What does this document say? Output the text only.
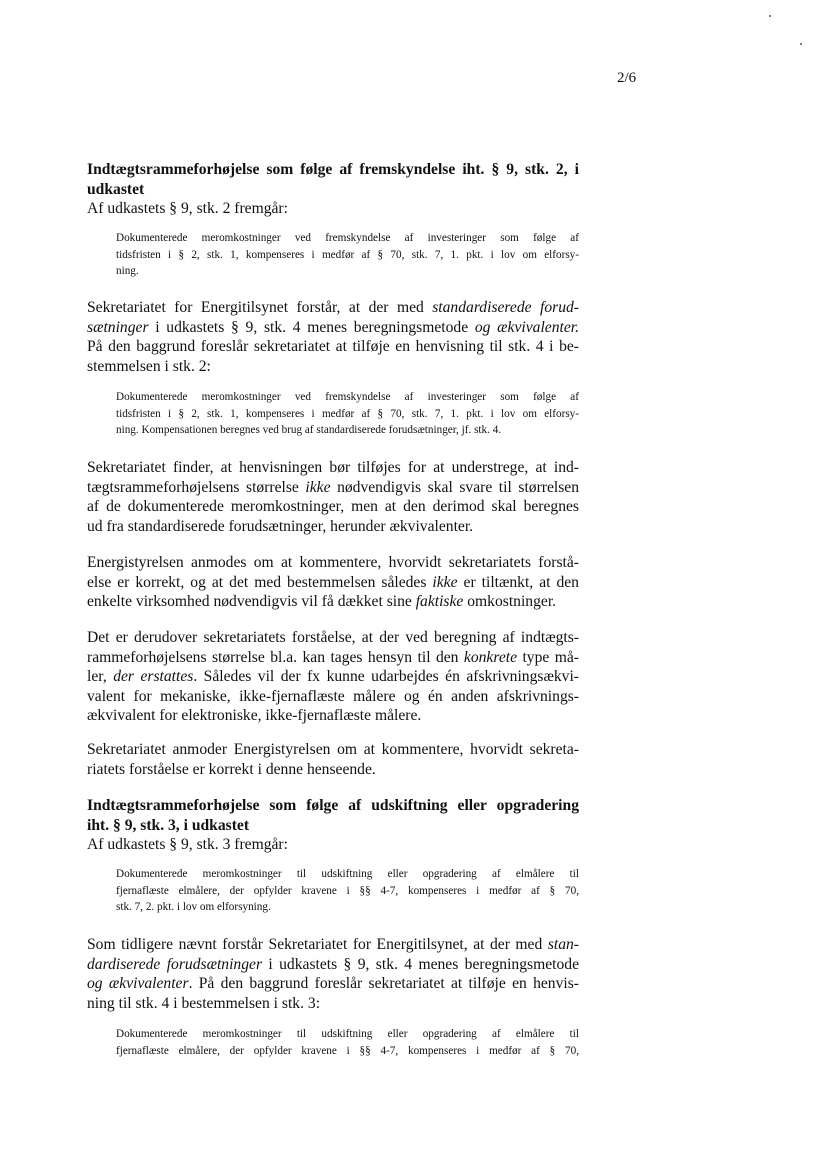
2/6
Indtægtsrammeforhøjelse som følge af fremskyndelse iht. § 9, stk. 2, i
udkastet
Af udkastets § 9, stk. 2 fremgår:
Dokumenterede meromkostninger ved fremskyndelse af investeringer som følge af
tidsfristen i § 2, stk. 1, kompenseres i medfør af § 70, stk. 7, 1. pkt. i lov om elforsy-
ning.
Sekretariatet for Energitilsynet forstår, at der med standardiserede forud-
sætninger i udkastets § 9, stk. 4 menes beregningsmetode og ækvivalenter.
På den baggrund foreslår sekretariatet at tilføje en henvisning til stk. 4 i be-
stemmelsen i stk. 2:
Dokumenterede meromkostninger ved fremskyndelse af investeringer som følge af
tidsfristen i § 2, stk. 1, kompenseres i medfør af § 70, stk. 7, 1. pkt. i lov om elforsy-
ning. Kompensationen beregnes ved brug af standardiserede forudsætninger, jf. stk. 4.
Sekretariatet finder, at henvisningen bør tilføjes for at understrege, at ind-
tægtsrammeforhøjelsens størrelse ikke nødvendigvis skal svare til størrelsen
af de dokumenterede meromkostninger, men at den derimod skal beregnes
ud fra standardiserede forudsætninger, herunder ækvivalenter.
Energistyrelsen anmodes om at kommentere, hvorvidt sekretariatets forstå-
else er korrekt, og at det med bestemmelsen således ikke er tiltænkt, at den
enkelte virksomhed nødvendigvis vil få dækket sine faktiske omkostninger.
Det er derudover sekretariatets forståelse, at der ved beregning af indtægts-
rammeforhøjelsens størrelse bl.a. kan tages hensyn til den konkrete type må-
ler, der erstattes. Således vil der fx kunne udarbejdes én afskrivningsækvi-
valent for mekaniske, ikke-fjernaflæste målere og én anden afskrivnings-
ækvivalent for elektroniske, ikke-fjernaflæste målere.
Sekretariatet anmoder Energistyrelsen om at kommentere, hvorvidt sekreta-
riatets forståelse er korrekt i denne henseende.
Indtægtsrammeforhøjelse som følge af udskiftning eller opgradering
iht. § 9, stk. 3, i udkastet
Af udkastets § 9, stk. 3 fremgår:
Dokumenterede meromkostninger til udskiftning eller opgradering af elmålere til
fjernaflæste elmålere, der opfylder kravene i §§ 4-7, kompenseres i medfør af § 70,
stk. 7, 2. pkt. i lov om elforsyning.
Som tidligere nævnt forstår Sekretariatet for Energitilsynet, at der med stan-
dardiserede forudsætninger i udkastets § 9, stk. 4 menes beregningsmetode
og ækvivalenter. På den baggrund foreslår sekretariatet at tilføje en henvis-
ning til stk. 4 i bestemmelsen i stk. 3:
Dokumenterede meromkostninger til udskiftning eller opgradering af elmålere til
fjernaflæste elmålere, der opfylder kravene i §§ 4-7, kompenseres i medfør af § 70,
